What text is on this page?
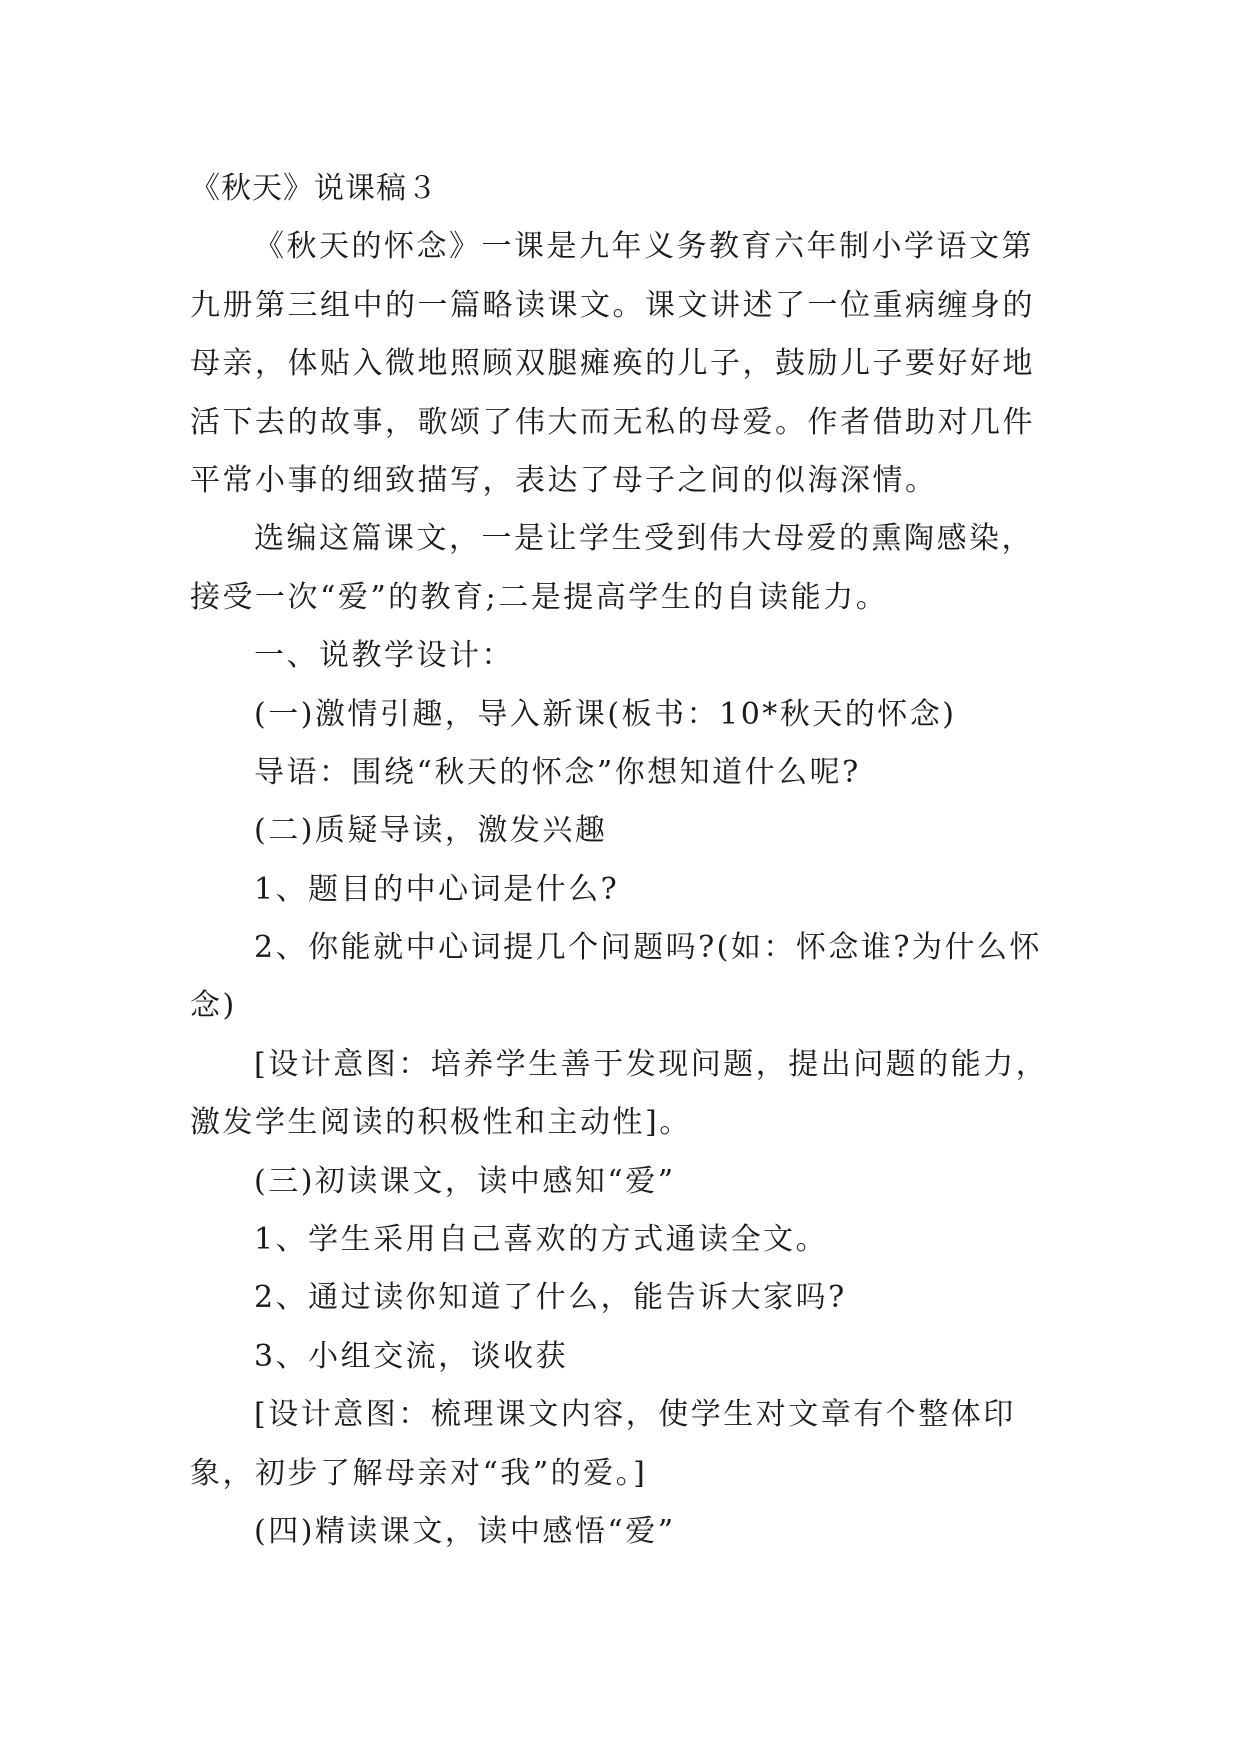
《秋天》说课稿３
《秋天的怀念》一课是九年义务教育六年制小学语文第
九册第三组中的一篇略读课文。课文讲述了一位重病缠身的
母亲，体贴入微地照顾双腿瘫痪的儿子，鼓励儿子要好好地
活下去的故事，歌颂了伟大而无私的母爱。作者借助对几件
平常小事的细致描写，表达了母子之间的似海深情。
选编这篇课文，一是让学生受到伟大母爱的熏陶感染，
接受一次“爱”的教育;二是提高学生的自读能力。
一、说教学设计：
(一)激情引趣，导入新课(板书：10*秋天的怀念)
导语：围绕“秋天的怀念”你想知道什么呢?
(二)质疑导读，激发兴趣
1、题目的中心词是什么?
2、你能就中心词提几个问题吗?(如：怀念谁?为什么怀
念)
[设计意图：培养学生善于发现问题，提出问题的能力，
激发学生阅读的积极性和主动性]。
(三)初读课文，读中感知“爱”
1、学生采用自己喜欢的方式通读全文。
2、通过读你知道了什么，能告诉大家吗?
3、小组交流，谈收获
[设计意图：梳理课文内容，使学生对文章有个整体印
象，初步了解母亲对“我”的爱。]
(四)精读课文，读中感悟“爱”
